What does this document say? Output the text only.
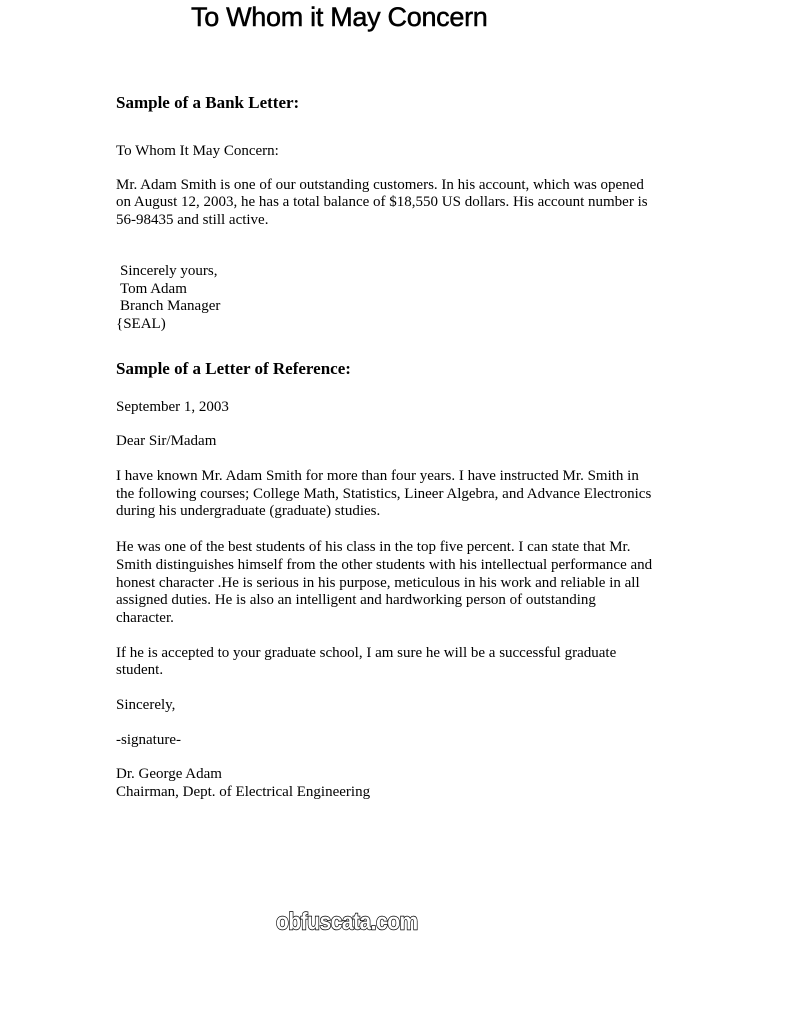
To Whom it May Concern
Sample of a Bank Letter:

To Whom It May Concern:

Mr. Adam Smith is one of our outstanding customers. In his account, which was opened
on August 12, 2003, he has a total balance of $18,550 US dollars. His account number is
56-98435 and still active.

Sincerely yours,
Tom Adam
Branch Manager
{SEAL)

Sample of a Letter of Reference:

September 1, 2003

Dear Sir/Madam

I have known Mr. Adam Smith for more than four years. I have instructed Mr. Smith in
the following courses; College Math, Statistics, Lineer Algebra, and Advance Electronics
during his undergraduate (graduate) studies.

He was one of the best students of his class in the top five percent. I can state that Mr.
Smith distinguishes himself from the other students with his intellectual performance and
honest character .He is serious in his purpose, meticulous in his work and reliable in all
assigned duties. He is also an intelligent and hardworking person of outstanding
character.

If he is accepted to your graduate school, I am sure he will be a successful graduate
student.

Sincerely,

-signature-

Dr. George Adam
Chairman, Dept. of Electrical Engineering

obfuscata.com
